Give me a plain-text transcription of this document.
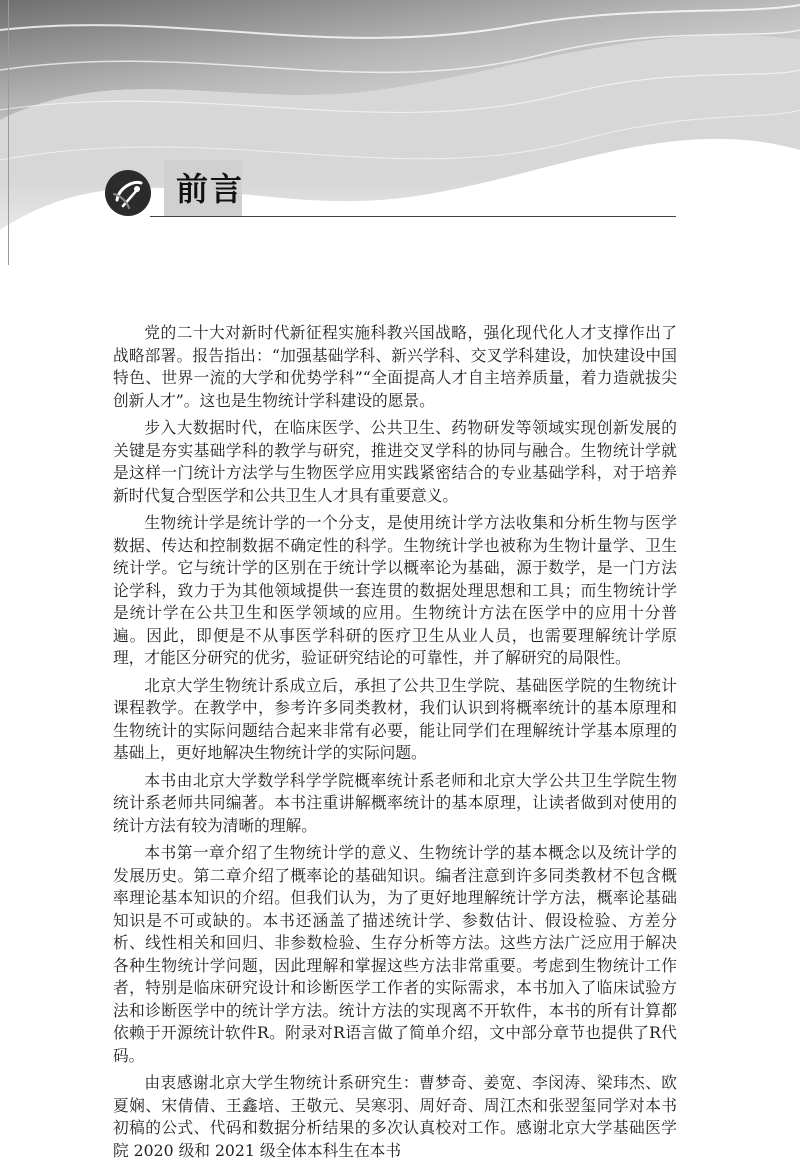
前言

党的二十大对新时代新征程实施科教兴国战略，强化现代化人才支撑作出了战略部署。报告指出：“加强基础学科、新兴学科、交叉学科建设，加快建设中国特色、世界一流的大学和优势学科”“全面提高人才自主培养质量，着力造就拔尖创新人才”。这也是生物统计学科建设的愿景。

步入大数据时代，在临床医学、公共卫生、药物研发等领域实现创新发展的关键是夯实基础学科的教学与研究，推进交叉学科的协同与融合。生物统计学就是这样一门统计方法学与生物医学应用实践紧密结合的专业基础学科，对于培养新时代复合型医学和公共卫生人才具有重要意义。

生物统计学是统计学的一个分支，是使用统计学方法收集和分析生物与医学数据、传达和控制数据不确定性的科学。生物统计学也被称为生物计量学、卫生统计学。它与统计学的区别在于统计学以概率论为基础，源于数学，是一门方法论学科，致力于为其他领域提供一套连贯的数据处理思想和工具；而生物统计学是统计学在公共卫生和医学领域的应用。生物统计方法在医学中的应用十分普遍。因此，即便是不从事医学科研的医疗卫生从业人员，也需要理解统计学原理，才能区分研究的优劣，验证研究结论的可靠性，并了解研究的局限性。

北京大学生物统计系成立后，承担了公共卫生学院、基础医学院的生物统计课程教学。在教学中，参考许多同类教材，我们认识到将概率统计的基本原理和生物统计的实际问题结合起来非常有必要，能让同学们在理解统计学基本原理的基础上，更好地解决生物统计学的实际问题。

本书由北京大学数学科学学院概率统计系老师和北京大学公共卫生学院生物统计系老师共同编著。本书注重讲解概率统计的基本原理，让读者做到对使用的统计方法有较为清晰的理解。

本书第一章介绍了生物统计学的意义、生物统计学的基本概念以及统计学的发展历史。第二章介绍了概率论的基础知识。编者注意到许多同类教材不包含概率理论基本知识的介绍。但我们认为，为了更好地理解统计学方法，概率论基础知识是不可或缺的。本书还涵盖了描述统计学、参数估计、假设检验、方差分析、线性相关和回归、非参数检验、生存分析等方法。这些方法广泛应用于解决各种生物统计学问题，因此理解和掌握这些方法非常重要。考虑到生物统计工作者，特别是临床研究设计和诊断医学工作者的实际需求，本书加入了临床试验方法和诊断医学中的统计学方法。统计方法的实现离不开软件，本书的所有计算都依赖于开源统计软件R。附录对R语言做了简单介绍，文中部分章节也提供了R代码。

由衷感谢北京大学生物统计系研究生：曹梦奇、姜宽、李闵涛、梁玮杰、欧夏娴、宋倩倩、王鑫培、王敬元、吴寒羽、周好奇、周江杰和张翌玺同学对本书初稿的公式、代码和数据分析结果的多次认真校对工作。感谢北京大学基础医学院 2020 级和 2021 级全体本科生在本书
